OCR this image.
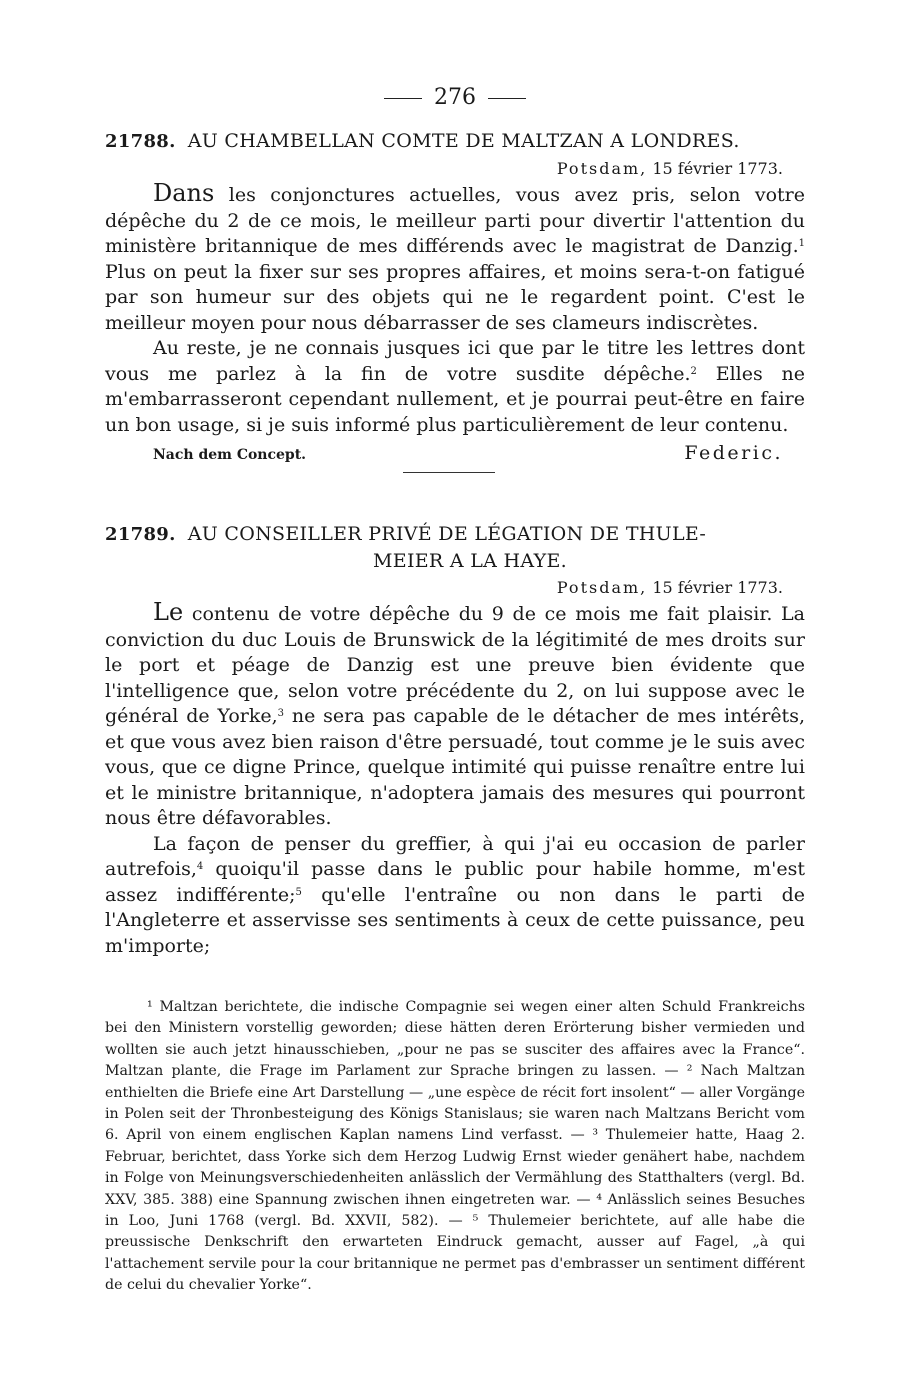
276
21788. AU CHAMBELLAN COMTE DE MALTZAN A LONDRES.
Potsdam, 15 février 1773.

Dans les conjonctures actuelles, vous avez pris, selon votre dépêche du 2 de ce mois, le meilleur parti pour divertir l'attention du ministère britannique de mes différends avec le magistrat de Danzig.$^1$ Plus on peut la fixer sur ses propres affaires, et moins sera-t-on fatigué par son humeur sur des objets qui ne le regardent point. C'est le meilleur moyen pour nous débarrasser de ses clameurs indiscrètes.

Au reste, je ne connais jusques ici que par le titre les lettres dont vous me parlez à la fin de votre susdite dépêche.$^2$ Elles ne m'embarrasseront cependant nullement, et je pourrai peut-être en faire un bon usage, si je suis informé plus particulièrement de leur contenu.

Nach dem Concept.	Federic.
21789. AU CONSEILLER PRIVÉ DE LÉGATION DE THULE-
MEIER A LA HAYE.
Potsdam, 15 février 1773.

Le contenu de votre dépêche du 9 de ce mois me fait plaisir. La conviction du duc Louis de Brunswick de la légitimité de mes droits sur le port et péage de Danzig est une preuve bien évidente que l'intelligence que, selon votre précédente du 2, on lui suppose avec le général de Yorke,$^3$ ne sera pas capable de le détacher de mes intérêts, et que vous avez bien raison d'être persuadé, tout comme je le suis avec vous, que ce digne Prince, quelque intimité qui puisse renaître entre lui et le ministre britannique, n'adoptera jamais des mesures qui pourront nous être défavorables.

La façon de penser du greffier, à qui j'ai eu occasion de parler autrefois,$^4$ quoiqu'il passe dans le public pour habile homme, m'est assez indifférente;$^5$ qu'elle l'entraîne ou non dans le parti de l'Angleterre et asservisse ses sentiments à ceux de cette puissance, peu m'importe;

¹ Maltzan berichtete, die indische Compagnie sei wegen einer alten Schuld Frankreichs bei den Ministern vorstellig geworden; diese hätten deren Erörterung bisher vermieden und wollten sie auch jetzt hinausschieben, „pour ne pas se susciter des affaires avec la France“. Maltzan plante, die Frage im Parlament zur Sprache bringen zu lassen. — ² Nach Maltzan enthielten die Briefe eine Art Darstellung — „une espèce de récit fort insolent“ — aller Vorgänge in Polen seit der Thronbesteigung des Königs Stanislaus; sie waren nach Maltzans Bericht vom 6. April von einem englischen Kaplan namens Lind verfasst. — ³ Thulemeier hatte, Haag 2. Februar, berichtet, dass Yorke sich dem Herzog Ludwig Ernst wieder genähert habe, nachdem in Folge von Meinungsverschiedenheiten anlässlich der Vermählung des Statthalters (vergl. Bd. XXV, 385. 388) eine Spannung zwischen ihnen eingetreten war. — ⁴ Anlässlich seines Besuches in Loo, Juni 1768 (vergl. Bd. XXVII, 582). — ⁵ Thulemeier berichtete, auf alle habe die preussische Denkschrift den erwarteten Eindruck gemacht, ausser auf Fagel, „à qui l'attachement servile pour la cour britannique ne permet pas d'embrasser un sentiment différent de celui du chevalier Yorke“.
